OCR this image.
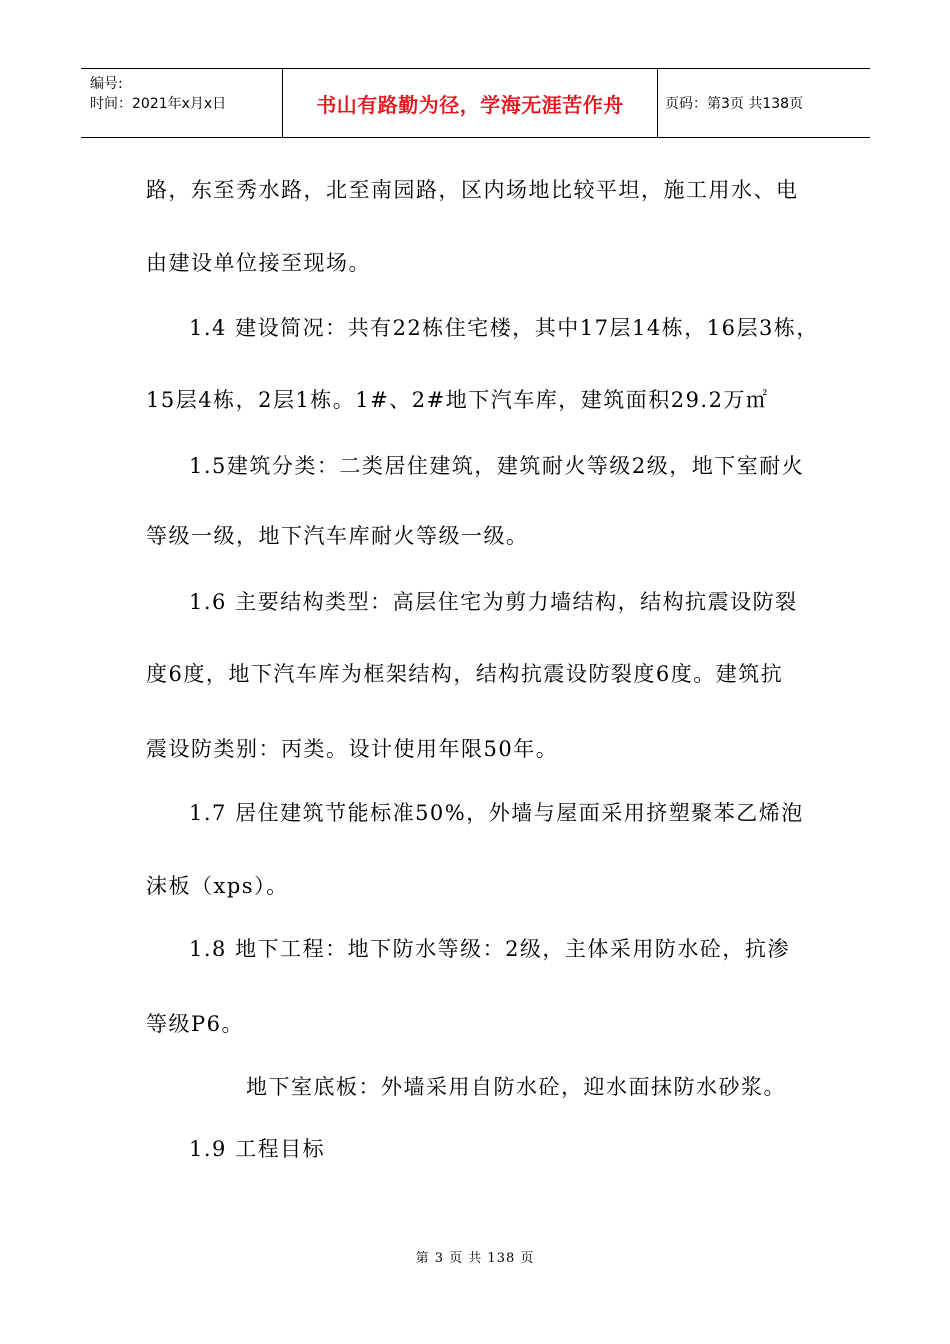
编号:
时间：2021年x月x日	书山有路勤为径，学海无涯苦作舟	页码：第3页 共138页
路，东至秀水路，北至南园路，区内场地比较平坦，施工用水、电
由建设单位接至现场。
1.4 建设简况：共有22栋住宅楼，其中17层14栋，16层3栋，
15层4栋，2层1栋。1#、2#地下汽车库，建筑面积29.2万㎡
1.5建筑分类：二类居住建筑，建筑耐火等级2级，地下室耐火
等级一级，地下汽车库耐火等级一级。
1.6 主要结构类型：高层住宅为剪力墙结构，结构抗震设防裂
度6度，地下汽车库为框架结构，结构抗震设防裂度6度。建筑抗
震设防类别：丙类。设计使用年限50年。
1.7 居住建筑节能标准50%，外墙与屋面采用挤塑聚苯乙烯泡
沫板（xps）。
1.8 地下工程：地下防水等级：2级，主体采用防水砼，抗渗
等级P6。
地下室底板：外墙采用自防水砼，迎水面抹防水砂浆。
1.9 工程目标
第 3 页 共 138 页
